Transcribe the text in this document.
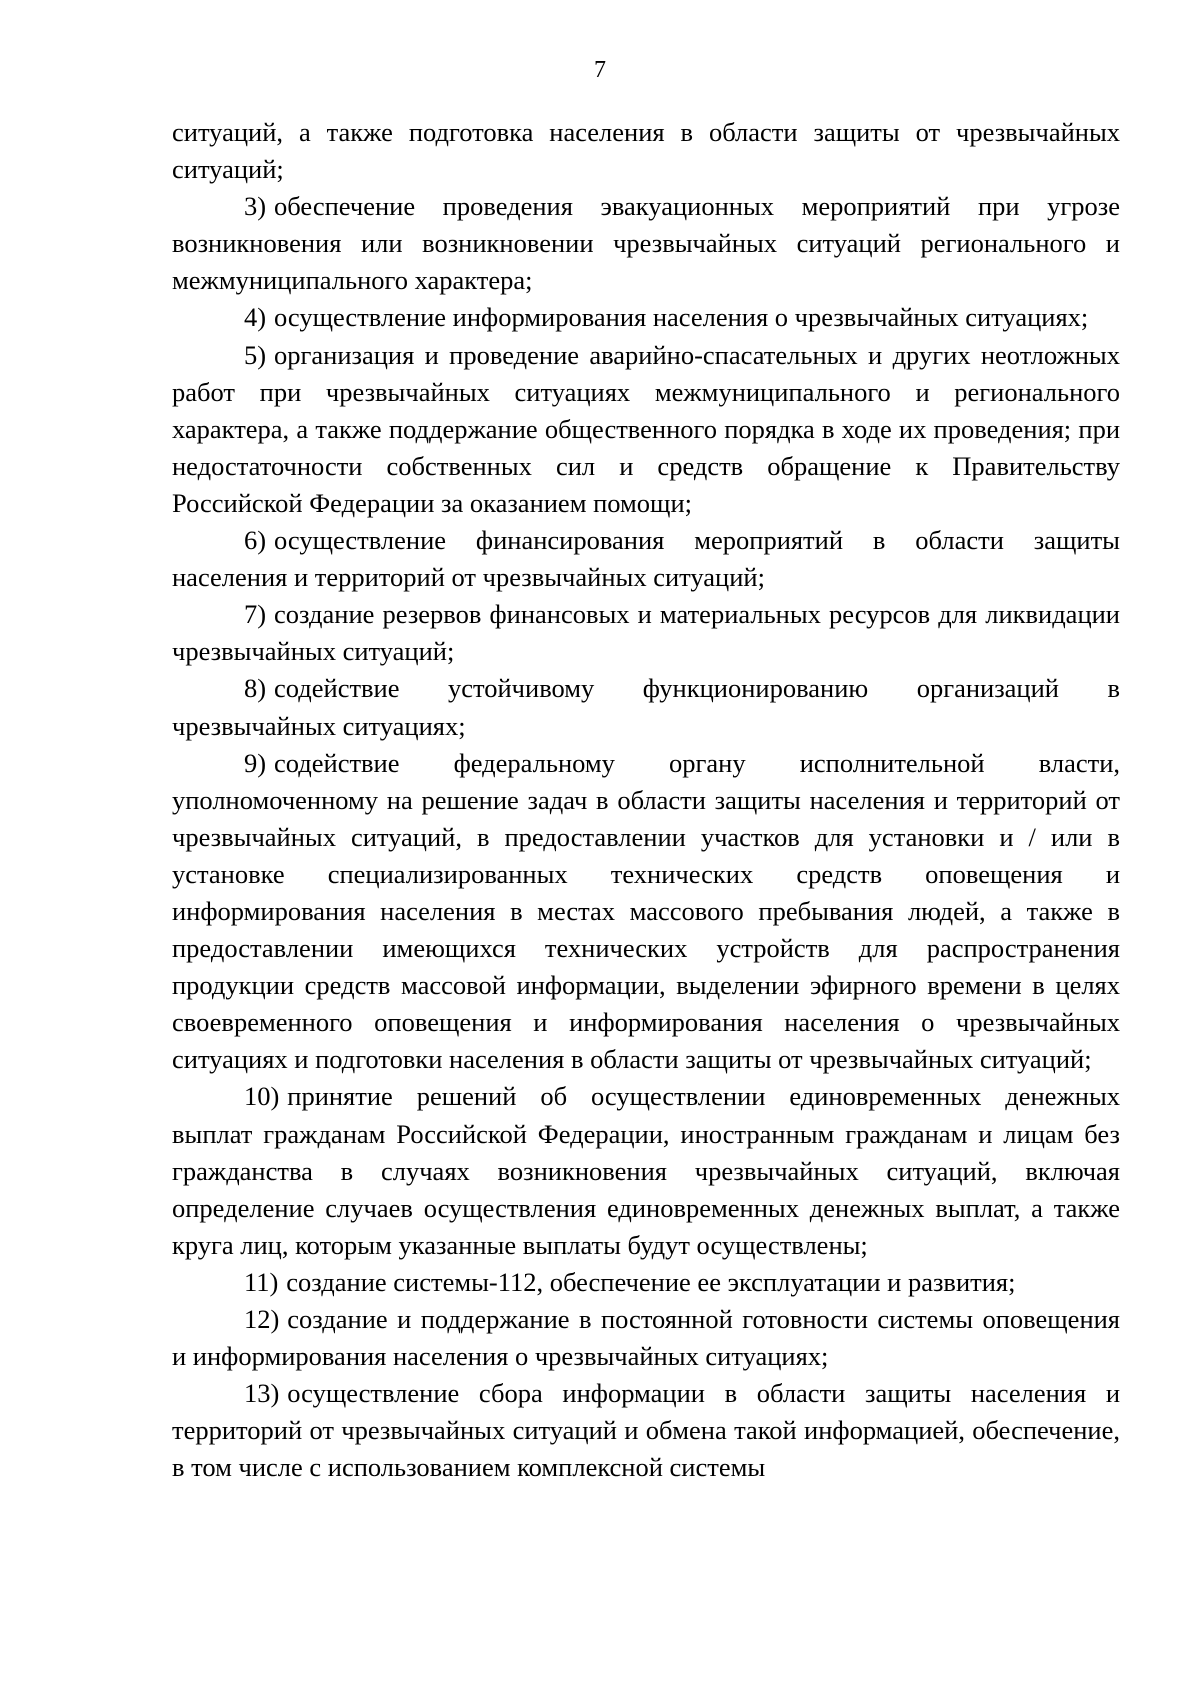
7

ситуаций, а также подготовка населения в области защиты от чрезвычайных ситуаций;

3) обеспечение проведения эвакуационных мероприятий при угрозе возникновения или возникновении чрезвычайных ситуаций регионального и межмуниципального характера;

4) осуществление информирования населения о чрезвычайных ситуациях;

5) организация и проведение аварийно-спасательных и других неотложных работ при чрезвычайных ситуациях межмуниципального и регионального характера, а также поддержание общественного порядка в ходе их проведения; при недостаточности собственных сил и средств обращение к Правительству Российской Федерации за оказанием помощи;

6) осуществление финансирования мероприятий в области защиты населения и территорий от чрезвычайных ситуаций;

7) создание резервов финансовых и материальных ресурсов для ликвидации чрезвычайных ситуаций;

8) содействие устойчивому функционированию организаций в чрезвычайных ситуациях;

9) содействие федеральному органу исполнительной власти, уполномоченному на решение задач в области защиты населения и территорий от чрезвычайных ситуаций, в предоставлении участков для установки и / или в установке специализированных технических средств оповещения и информирования населения в местах массового пребывания людей, а также в предоставлении имеющихся технических устройств для распространения продукции средств массовой информации, выделении эфирного времени в целях своевременного оповещения и информирования населения о чрезвычайных ситуациях и подготовки населения в области защиты от чрезвычайных ситуаций;

10) принятие решений об осуществлении единовременных денежных выплат гражданам Российской Федерации, иностранным гражданам и лицам без гражданства в случаях возникновения чрезвычайных ситуаций, включая определение случаев осуществления единовременных денежных выплат, а также круга лиц, которым указанные выплаты будут осуществлены;

11) создание системы-112, обеспечение ее эксплуатации и развития;

12) создание и поддержание в постоянной готовности системы оповещения и информирования населения о чрезвычайных ситуациях;

13) осуществление сбора информации в области защиты населения и территорий от чрезвычайных ситуаций и обмена такой информацией, обеспечение, в том числе с использованием комплексной системы
